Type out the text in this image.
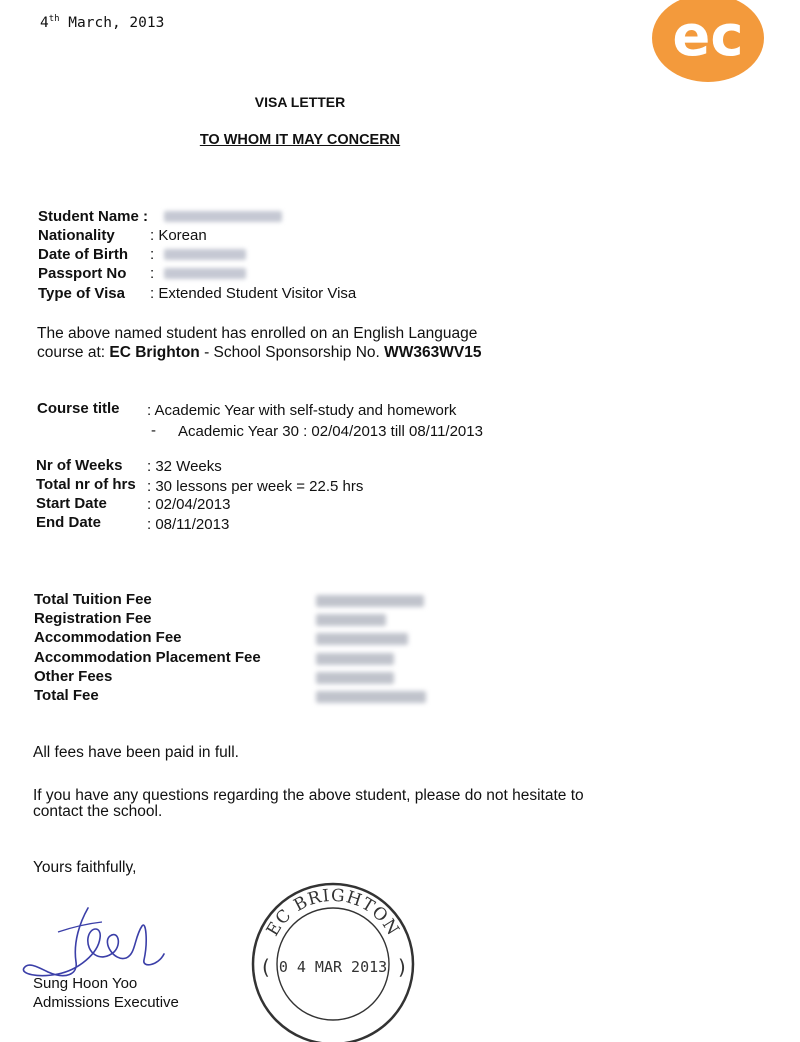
4th March, 2013	ec
VISA LETTER
TO WHOM IT MAY CONCERN
Student Name :
Nationality : Korean
Date of Birth :
Passport No :
Type of Visa : Extended Student Visitor Visa
The above named student has enrolled on an English Language
course at: EC Brighton - School Sponsorship No. WW363WV15
Course title : Academic Year with self-study and homework
- Academic Year 30 : 02/04/2013 till 08/11/2013
Nr of Weeks : 32 Weeks
Total nr of hrs : 30 lessons per week = 22.5 hrs
Start Date	: 02/04/2013
End Date	: 08/11/2013
Total Tuition Fee
Registration Fee
Accommodation Fee
Accommodation Placement Fee
Other Fees
Total Fee
All fees have been paid in full.
If you have any questions regarding the above student, please do not hesitate to
contact the school.
Yours faithfully,
Sung Hoon Yoo
Admissions Executive
EC BRIGHTON
(	)
0 4 MAR 2013
